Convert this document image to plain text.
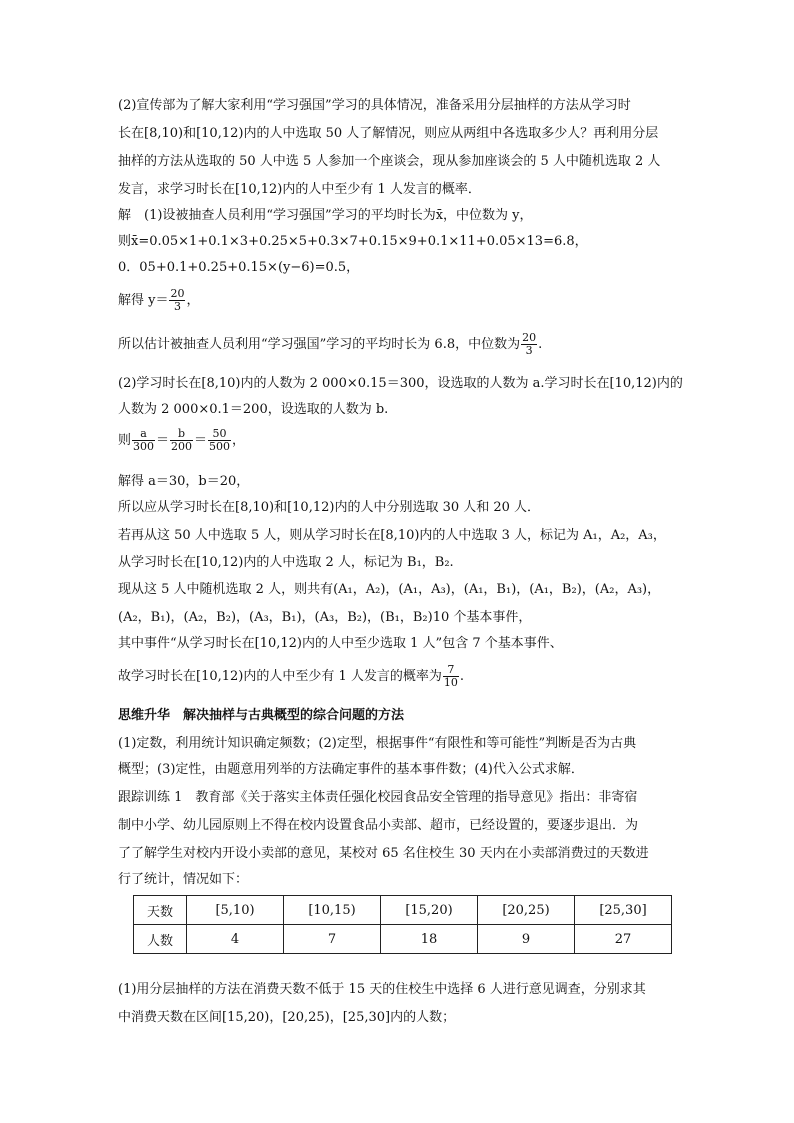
(2)宣传部为了解大家利用“学习强国”学习的具体情况，准备采用分层抽样的方法从学习时
长在[8,10)和[10,12)内的人中选取 50 人了解情况，则应从两组中各选取多少人？再利用分层
抽样的方法从选取的 50 人中选 5 人参加一个座谈会，现从参加座谈会的 5 人中随机选取 2 人
发言，求学习时长在[10,12)内的人中至少有 1 人发言的概率．
解　(1)设被抽查人员利用“学习强国”学习的平均时长为x̄，中位数为 y，
则x̄=0.05×1+0.1×3+0.25×5+0.3×7+0.15×9+0.1×11+0.05×13=6.8，
0．05+0.1+0.25+0.15×(y−6)=0.5，
解得 $y= \frac{20}{3}$ ，
所以估计被抽查人员利用“学习强国”学习的平均时长为 6.8，中位数为 $\frac{20}{3}$ .
(2)学习时长在[8,10)内的人数为 2 000×0.15＝300，设选取的人数为 a.学习时长在[10,12)内的
人数为 2 000×0.1＝200，设选取的人数为 b.
则 $\frac{a}{300} = \frac{b}{200} = \frac{50}{500}$ ，
解得 a＝30，b＝20，
所以应从学习时长在[8,10)和[10,12)内的人中分别选取 30 人和 20 人．
若再从这 50 人中选取 5 人，则从学习时长在[8,10)内的人中选取 3 人，标记为 A₁，A₂，A₃，
从学习时长在[10,12)内的人中选取 2 人，标记为 B₁，B₂.
现从这 5 人中随机选取 2 人，则共有(A₁，A₂)，(A₁，A₃)，(A₁，B₁)，(A₁，B₂)，(A₂，A₃)，
(A₂，B₁)，(A₂，B₂)，(A₃，B₁)，(A₃，B₂)，(B₁，B₂)10 个基本事件，
其中事件“从学习时长在[10,12)内的人中至少选取 1 人”包含 7 个基本事件、
故学习时长在[10,12)内的人中至少有 1 人发言的概率为 $\frac{7}{10}$ .
思维升华　解决抽样与古典概型的综合问题的方法
(1)定数，利用统计知识确定频数；(2)定型，根据事件“有限性和等可能性”判断是否为古典
概型；(3)定性，由题意用列举的方法确定事件的基本事件数；(4)代入公式求解．
跟踪训练 1　教育部《关于落实主体责任强化校园食品安全管理的指导意见》指出：非寄宿
制中小学、幼儿园原则上不得在校内设置食品小卖部、超市，已经设置的，要逐步退出．为
了了解学生对校内开设小卖部的意见，某校对 65 名住校生 30 天内在小卖部消费过的天数进
行了统计，情况如下：
天数	[5,10)	[10,15)	[15,20)	[20,25)	[25,30]
人数	4	7	18	9	27
(1)用分层抽样的方法在消费天数不低于 15 天的住校生中选择 6 人进行意见调查，分别求其
中消费天数在区间[15,20)，[20,25)，[25,30]内的人数；
